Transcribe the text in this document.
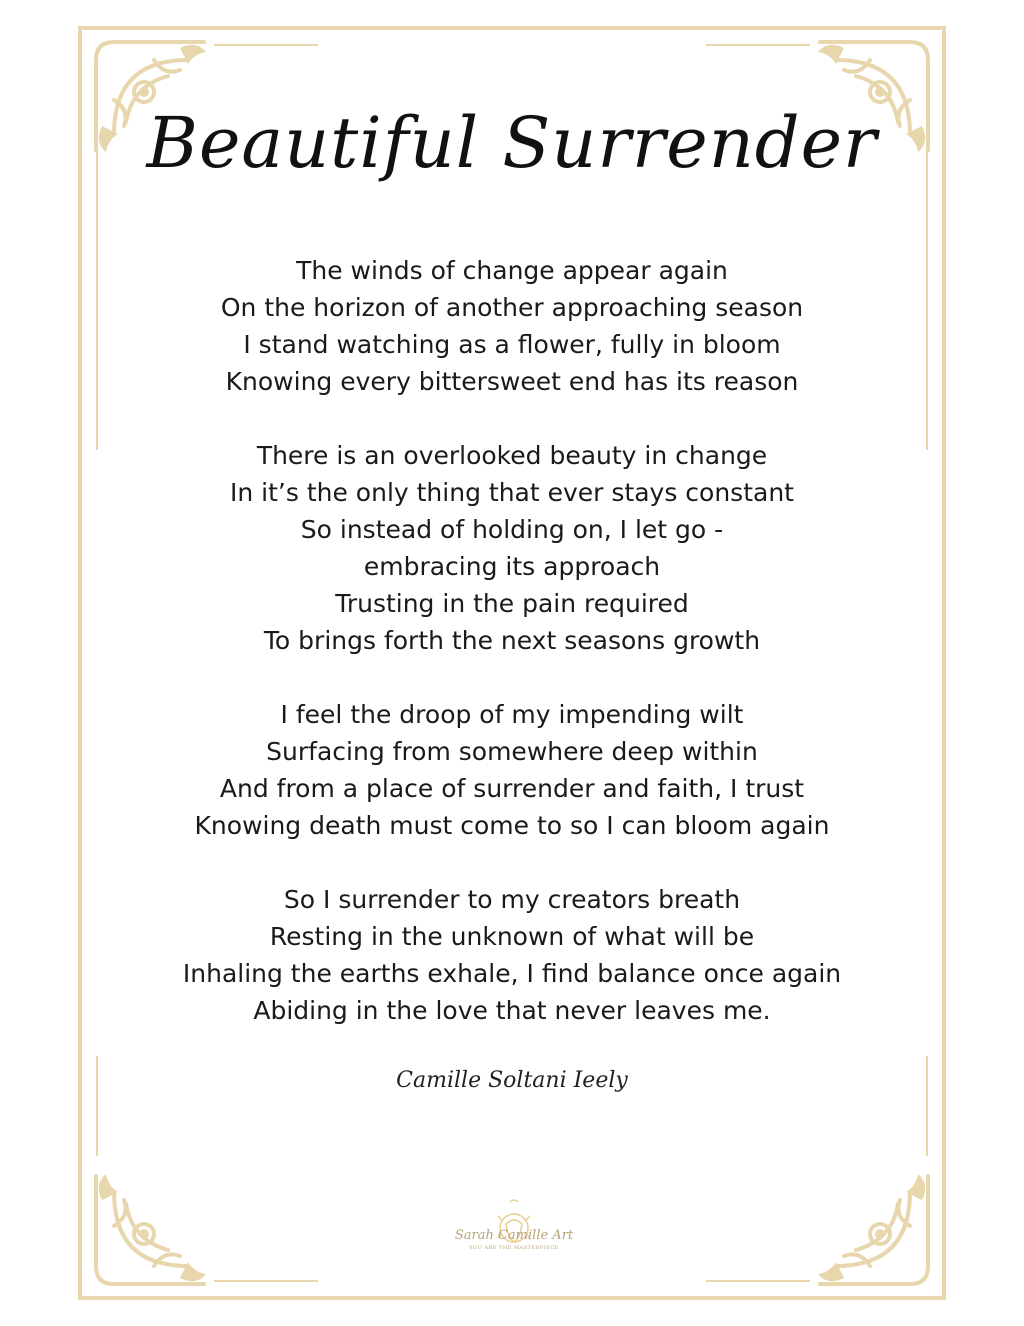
Beautiful Surrender
The winds of change appear again
On the horizon of another approaching season
I stand watching as a flower, fully in bloom
Knowing every bittersweet end has its reason
There is an overlooked beauty in change
In it’s the only thing that ever stays constant
So instead of holding on, I let go -
embracing its approach
Trusting in the pain required
To brings forth the next seasons growth
I feel the droop of my impending wilt
Surfacing from somewhere deep within
And from a place of surrender and faith, I trust
Knowing death must come to so I can bloom again
So I surrender to my creators breath
Resting in the unknown of what will be
Inhaling the earths exhale, I find balance once again
Abiding in the love that never leaves me.
Camille Soltani Ieely
Sarah Camille Art
YOU ARE THE MASTERPIECE
